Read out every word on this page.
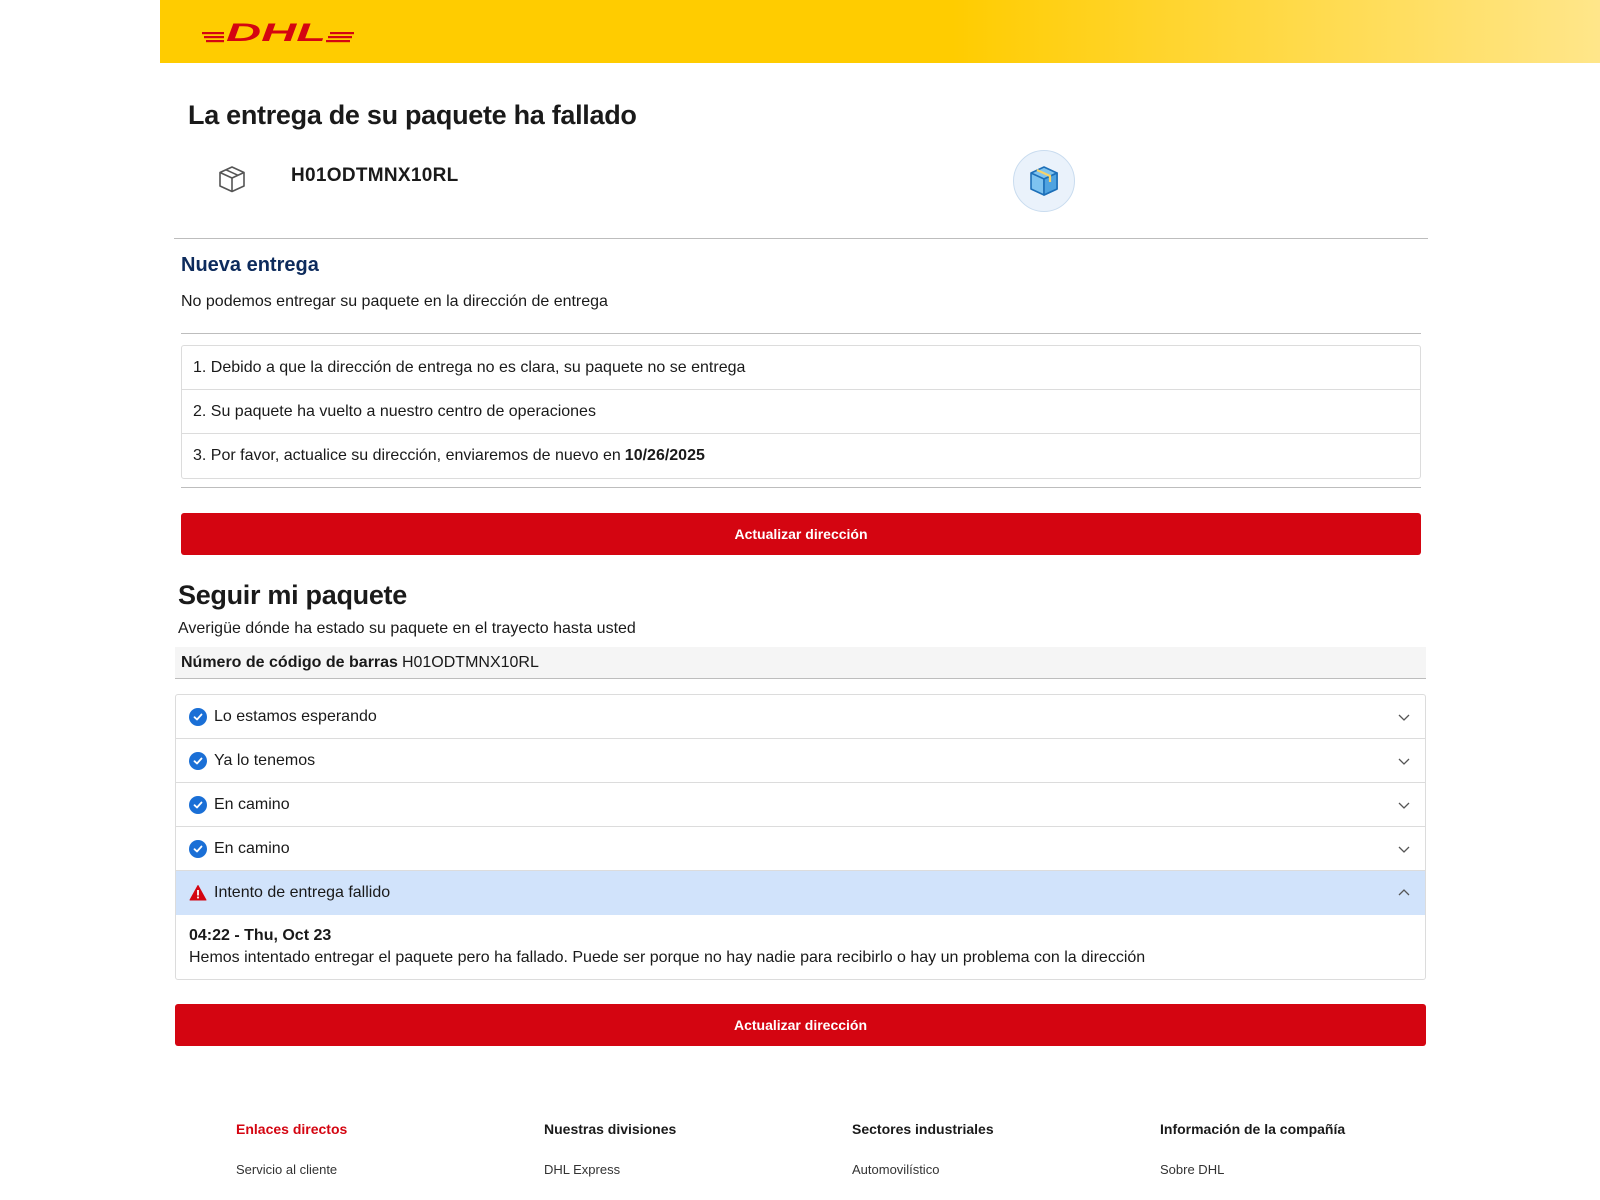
DHL
La entrega de su paquete ha fallado
H01ODTMNX10RL
Nueva entrega
No podemos entregar su paquete en la dirección de entrega
1. Debido a que la dirección de entrega no es clara, su paquete no se entrega
2. Su paquete ha vuelto a nuestro centro de operaciones
3. Por favor, actualice su dirección, enviaremos de nuevo en 10/26/2025
Actualizar dirección
Seguir mi paquete
Averigüe dónde ha estado su paquete en el trayecto hasta usted
Número de código de barras H01ODTMNX10RL
Lo estamos esperando
Ya lo tenemos
En camino
En camino
Intento de entrega fallido
04:22 - Thu, Oct 23
Hemos intentado entregar el paquete pero ha fallado. Puede ser porque no hay nadie para recibirlo o hay un problema con la dirección
Actualizar dirección
Enlaces directos
Servicio al cliente
Nuestras divisiones
DHL Express
Sectores industriales
Automovilístico
Información de la compañía
Sobre DHL
